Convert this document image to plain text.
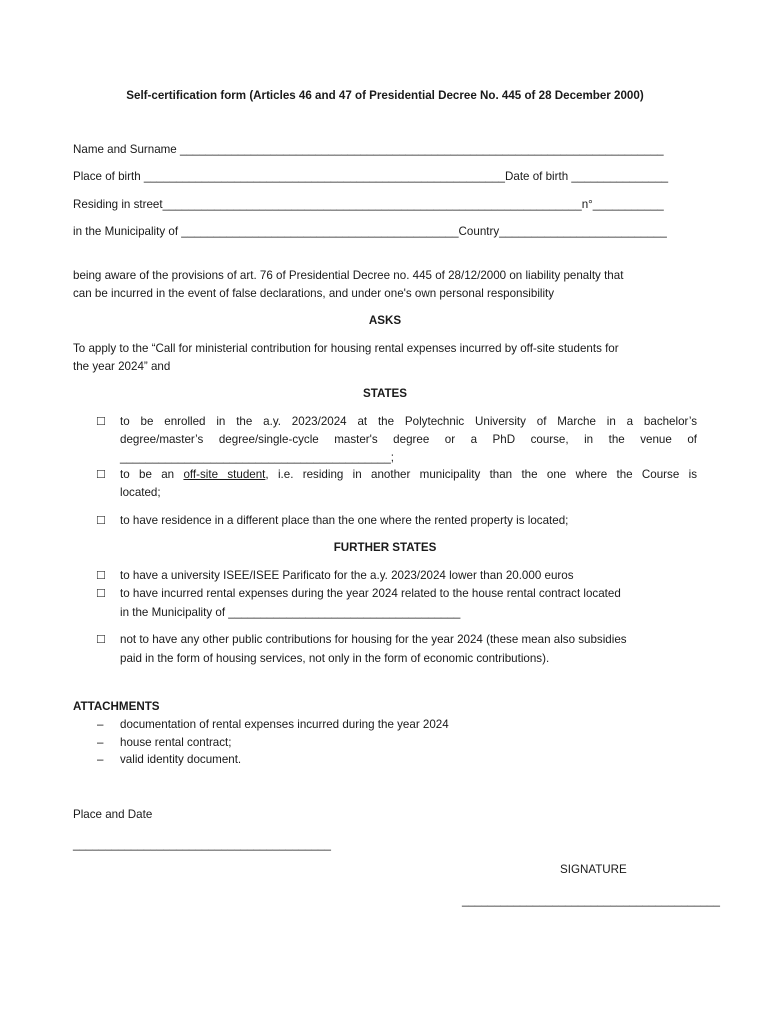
Self-certification form (Articles 46 and 47 of Presidential Decree No. 445 of 28 December 2000)
Name and Surname ___________________________________________________________________________
Place of birth ________________________________________________________Date of birth _______________
Residing in street_________________________________________________________________n°___________
in the Municipality of ___________________________________________Country__________________________
being aware of the provisions of art. 76 of Presidential Decree no. 445 of 28/12/2000 on liability penalty that
can be incurred in the event of false declarations, and under one's own personal responsibility
ASKS
To apply to the “Call for ministerial contribution for housing rental expenses incurred by off-site students for
the year 2024” and
STATES
☐ to be enrolled in the a.y. 2023/2024 at the Polytechnic University of Marche in a bachelor’s
degree/master’s degree/single-cycle master's degree or a PhD course, in the venue of
__________________________________________;
☐ to be an off-site student, i.e. residing in another municipality than the one where the Course is
located;
☐ to have residence in a different place than the one where the rented property is located;
FURTHER STATES
☐ to have a university ISEE/ISEE Parificato for the a.y. 2023/2024 lower than 20.000 euros
☐ to have incurred rental expenses during the year 2024 related to the house rental contract located
in the Municipality of ____________________________________
☐ not to have any other public contributions for housing for the year 2024 (these mean also subsidies
paid in the form of housing services, not only in the form of economic contributions).
ATTACHMENTS
– documentation of rental expenses incurred during the year 2024
– house rental contract;
– valid identity document.
Place and Date
________________________________________
SIGNATURE
________________________________________
